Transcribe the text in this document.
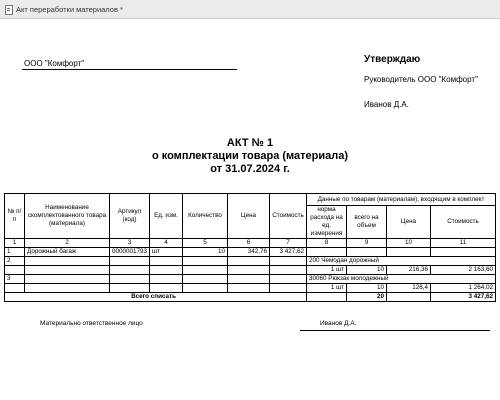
Акт переработки материалов *
ООО "Комфорт"	Утверждаю
Руководитель ООО "Комфорт"
Иванов Д.А.
АКТ № 1
о комплектации товара (материала)
от 31.07.2024 г.
№ п/п	Наименование скомплектованного товара (материала)	Артикул (код)	Ед. изм.	Количество	Цена	Стоимость	Данные по товарам (материалам), входящим в комплект			
							норма расхода на ед. измерения	всего на объем	Цена	Стоимость
1	2	3	4	5	6	7	8	9	10	11
1	Дорожный багаж	0000001793	шт	10	342,76	3 427,62				
2							200 Чемодан дорожный			
							1 шт	10	216,36	2 163,60
3							30060 Рюкзак молодежный			
							1 шт	10	126,4	1 264,02
Всего списать								20		3 427,62
Материально ответственное лицо	Иванов Д.А.
